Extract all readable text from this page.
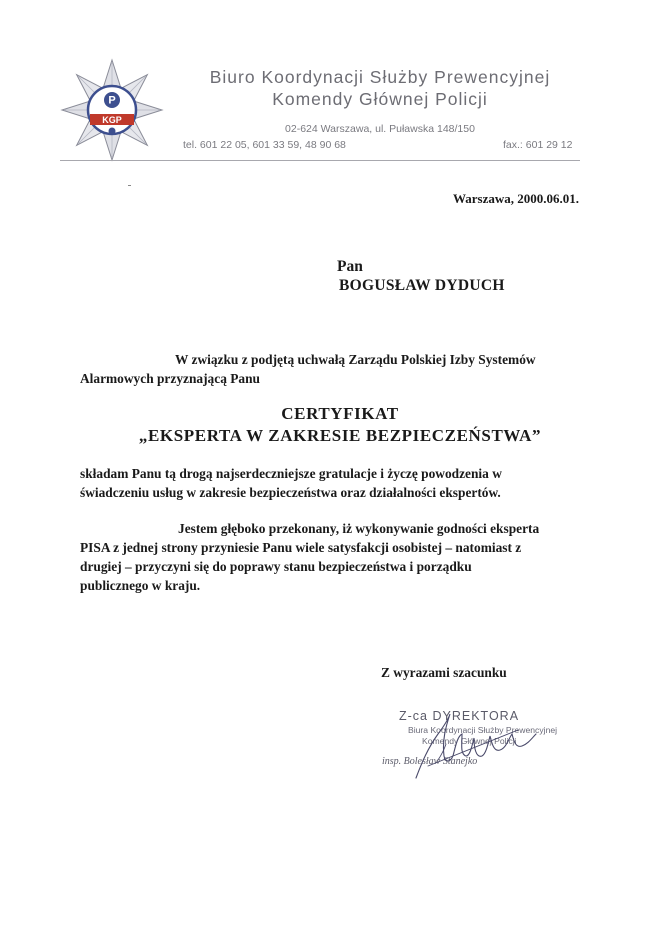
P
KGP
Biuro Koordynacji Służby Prewencyjnej
Komendy Głównej Policji
02-624 Warszawa, ul. Puławska 148/150
tel. 601 22 05, 601 33 59, 48 90 68	fax.: 601 29 12
Warszawa, 2000.06.01.
Pan
BOGUSŁAW DYDUCH
W związku z podjętą uchwałą Zarządu Polskiej Izby Systemów
Alarmowych przyznającą Panu
CERTYFIKAT
„EKSPERTA W ZAKRESIE BEZPIECZEŃSTWA”
składam Panu tą drogą najserdeczniejsze gratulacje i życzę powodzenia w
świadczeniu usług w zakresie bezpieczeństwa oraz działalności ekspertów.
Jestem głęboko przekonany, iż wykonywanie godności eksperta
PISA z jednej strony przyniesie Panu wiele satysfakcji osobistej – natomiast z
drugiej – przyczyni się do poprawy stanu bezpieczeństwa i porządku
publicznego w kraju.
Z wyrazami szacunku
Z-ca DYREKTORA
Biura Koordynacji Służby Prewencyjnej
Komendy Głównej Policji
insp. Bolesław Stanejko
